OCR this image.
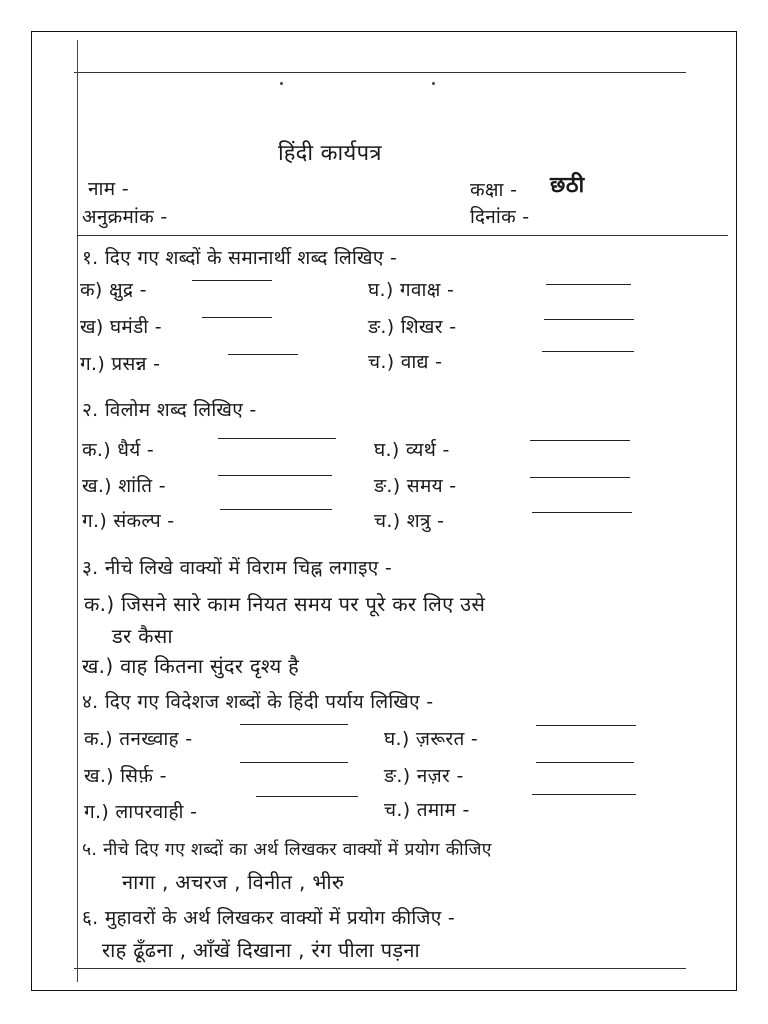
हिंदी कार्यपत्र
नाम -	कक्षा - छठी
अनुक्रमांक -	दिनांक -
१. दिए गए शब्दों के समानार्थी शब्द लिखिए -
क) क्षुद्र -
ख) घमंडी -
ग.) प्रसन्न -
घ.) गवाक्ष -
ङ.) शिखर -
च.) वाद्य -
२. विलोम शब्द लिखिए -
क.) धैर्य -
ख.) शांति -
ग.) संकल्प -
घ.) व्यर्थ -
ङ.) समय -
च.) शत्रु -
३. नीचे लिखे वाक्यों में विराम चिह्न लगाइए -
क.) जिसने सारे काम नियत समय पर पूरे कर लिए उसे
डर कैसा
ख.) वाह कितना सुंदर दृश्य है
४. दिए गए विदेशज शब्दों के हिंदी पर्याय लिखिए -
क.) तनख्वाह -
ख.) सिर्फ़ -
ग.) लापरवाही -
घ.) ज़रूरत -
ङ.) नज़र -
च.) तमाम -
५. नीचे दिए गए शब्दों का अर्थ लिखकर वाक्यों में प्रयोग कीजिए
नागा , अचरज , विनीत , भीरु
६. मुहावरों के अर्थ लिखकर वाक्यों में प्रयोग कीजिए -
राह ढूँढना , आँखें दिखाना , रंग पीला पड़ना
